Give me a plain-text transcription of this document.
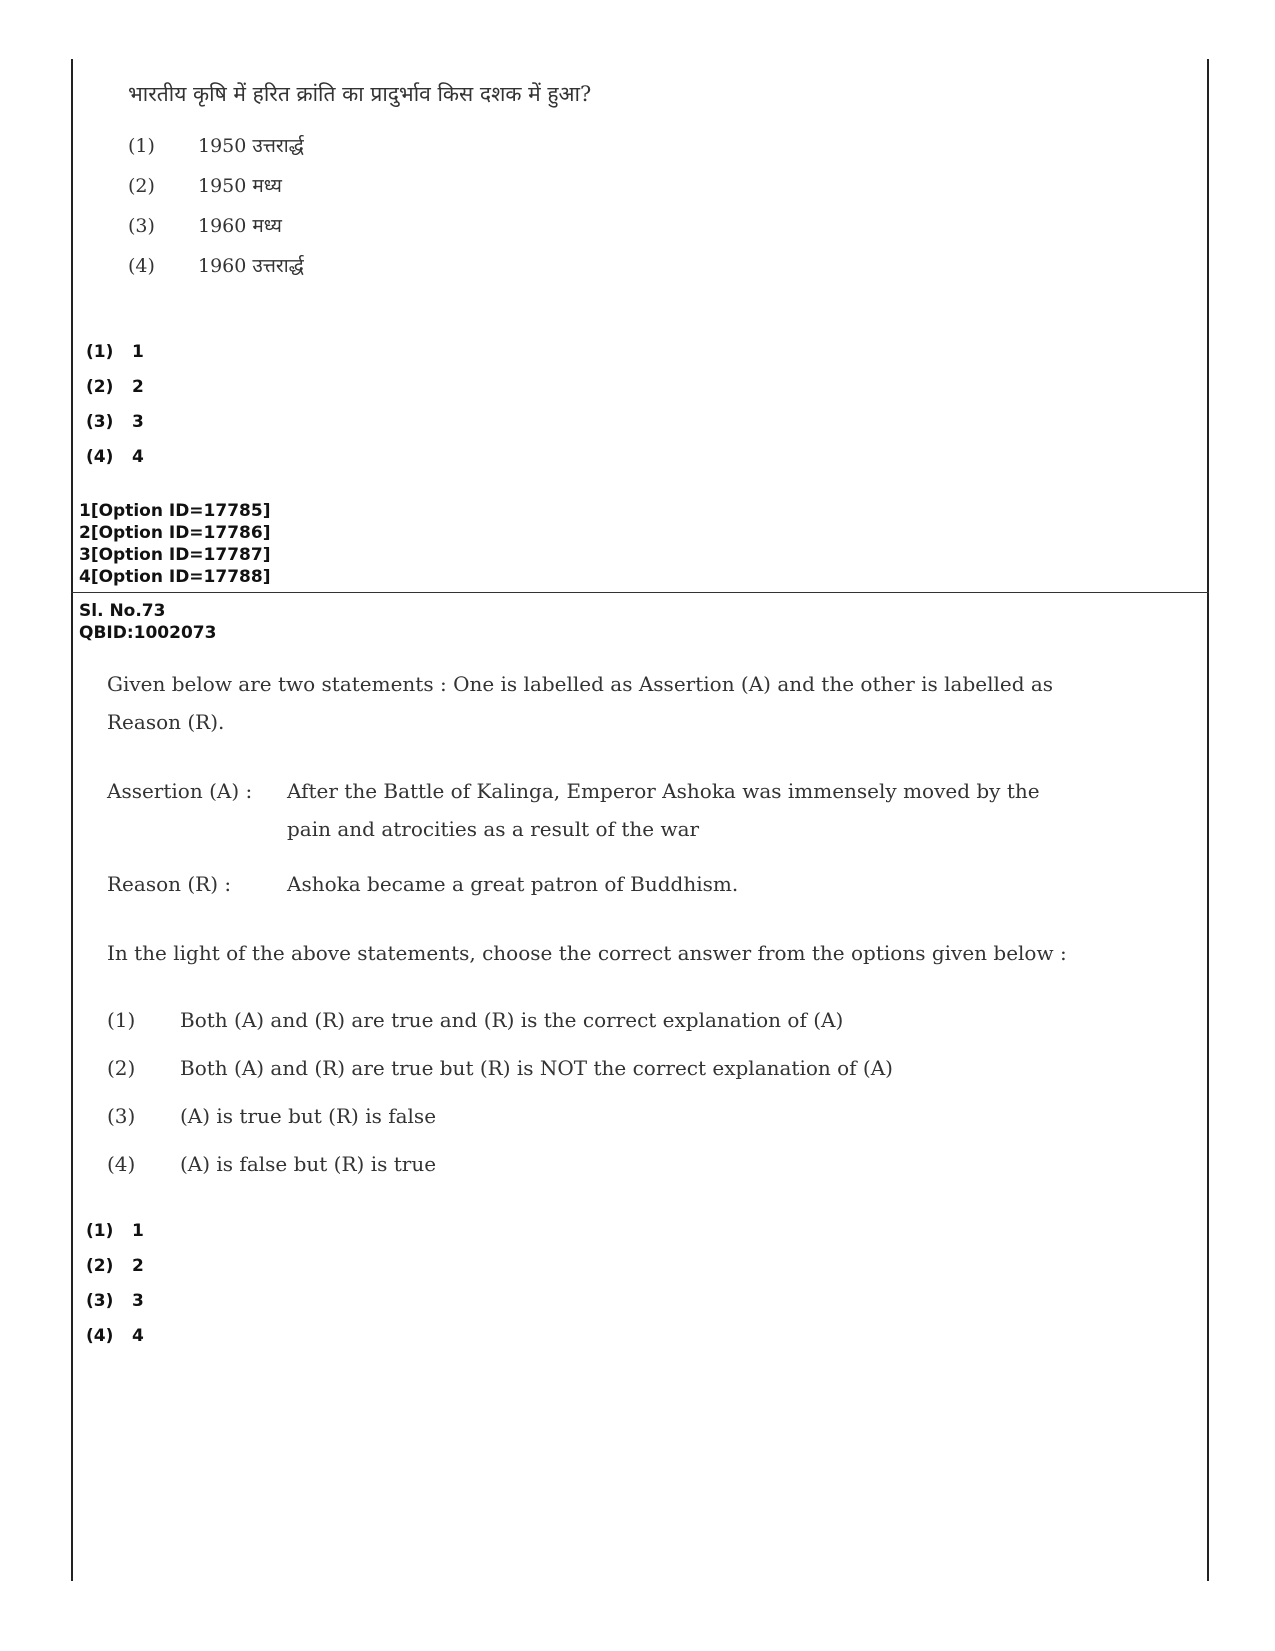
भारतीय कृषि में हरित क्रांति का प्रादुर्भाव किस दशक में हुआ?
(1) 1950 उत्तरार्द्ध
(2) 1950 मध्य
(3) 1960 मध्य
(4) 1960 उत्तरार्द्ध
(1) 1
(2) 2
(3) 3
(4) 4
1[Option ID=17785]
2[Option ID=17786]
3[Option ID=17787]
4[Option ID=17788]
Sl. No.73
QBID:1002073
Given below are two statements : One is labelled as Assertion (A) and the other is labelled as
Reason (R).
Assertion (A) : After the Battle of Kalinga, Emperor Ashoka was immensely moved by the
pain and atrocities as a result of the war
Reason (R) :	Ashoka became a great patron of Buddhism.
In the light of the above statements, choose the correct answer from the options given below :
(1) Both (A) and (R) are true and (R) is the correct explanation of (A)
(2) Both (A) and (R) are true but (R) is NOT the correct explanation of (A)
(3) (A) is true but (R) is false
(4) (A) is false but (R) is true
(1) 1
(2) 2
(3) 3
(4) 4
